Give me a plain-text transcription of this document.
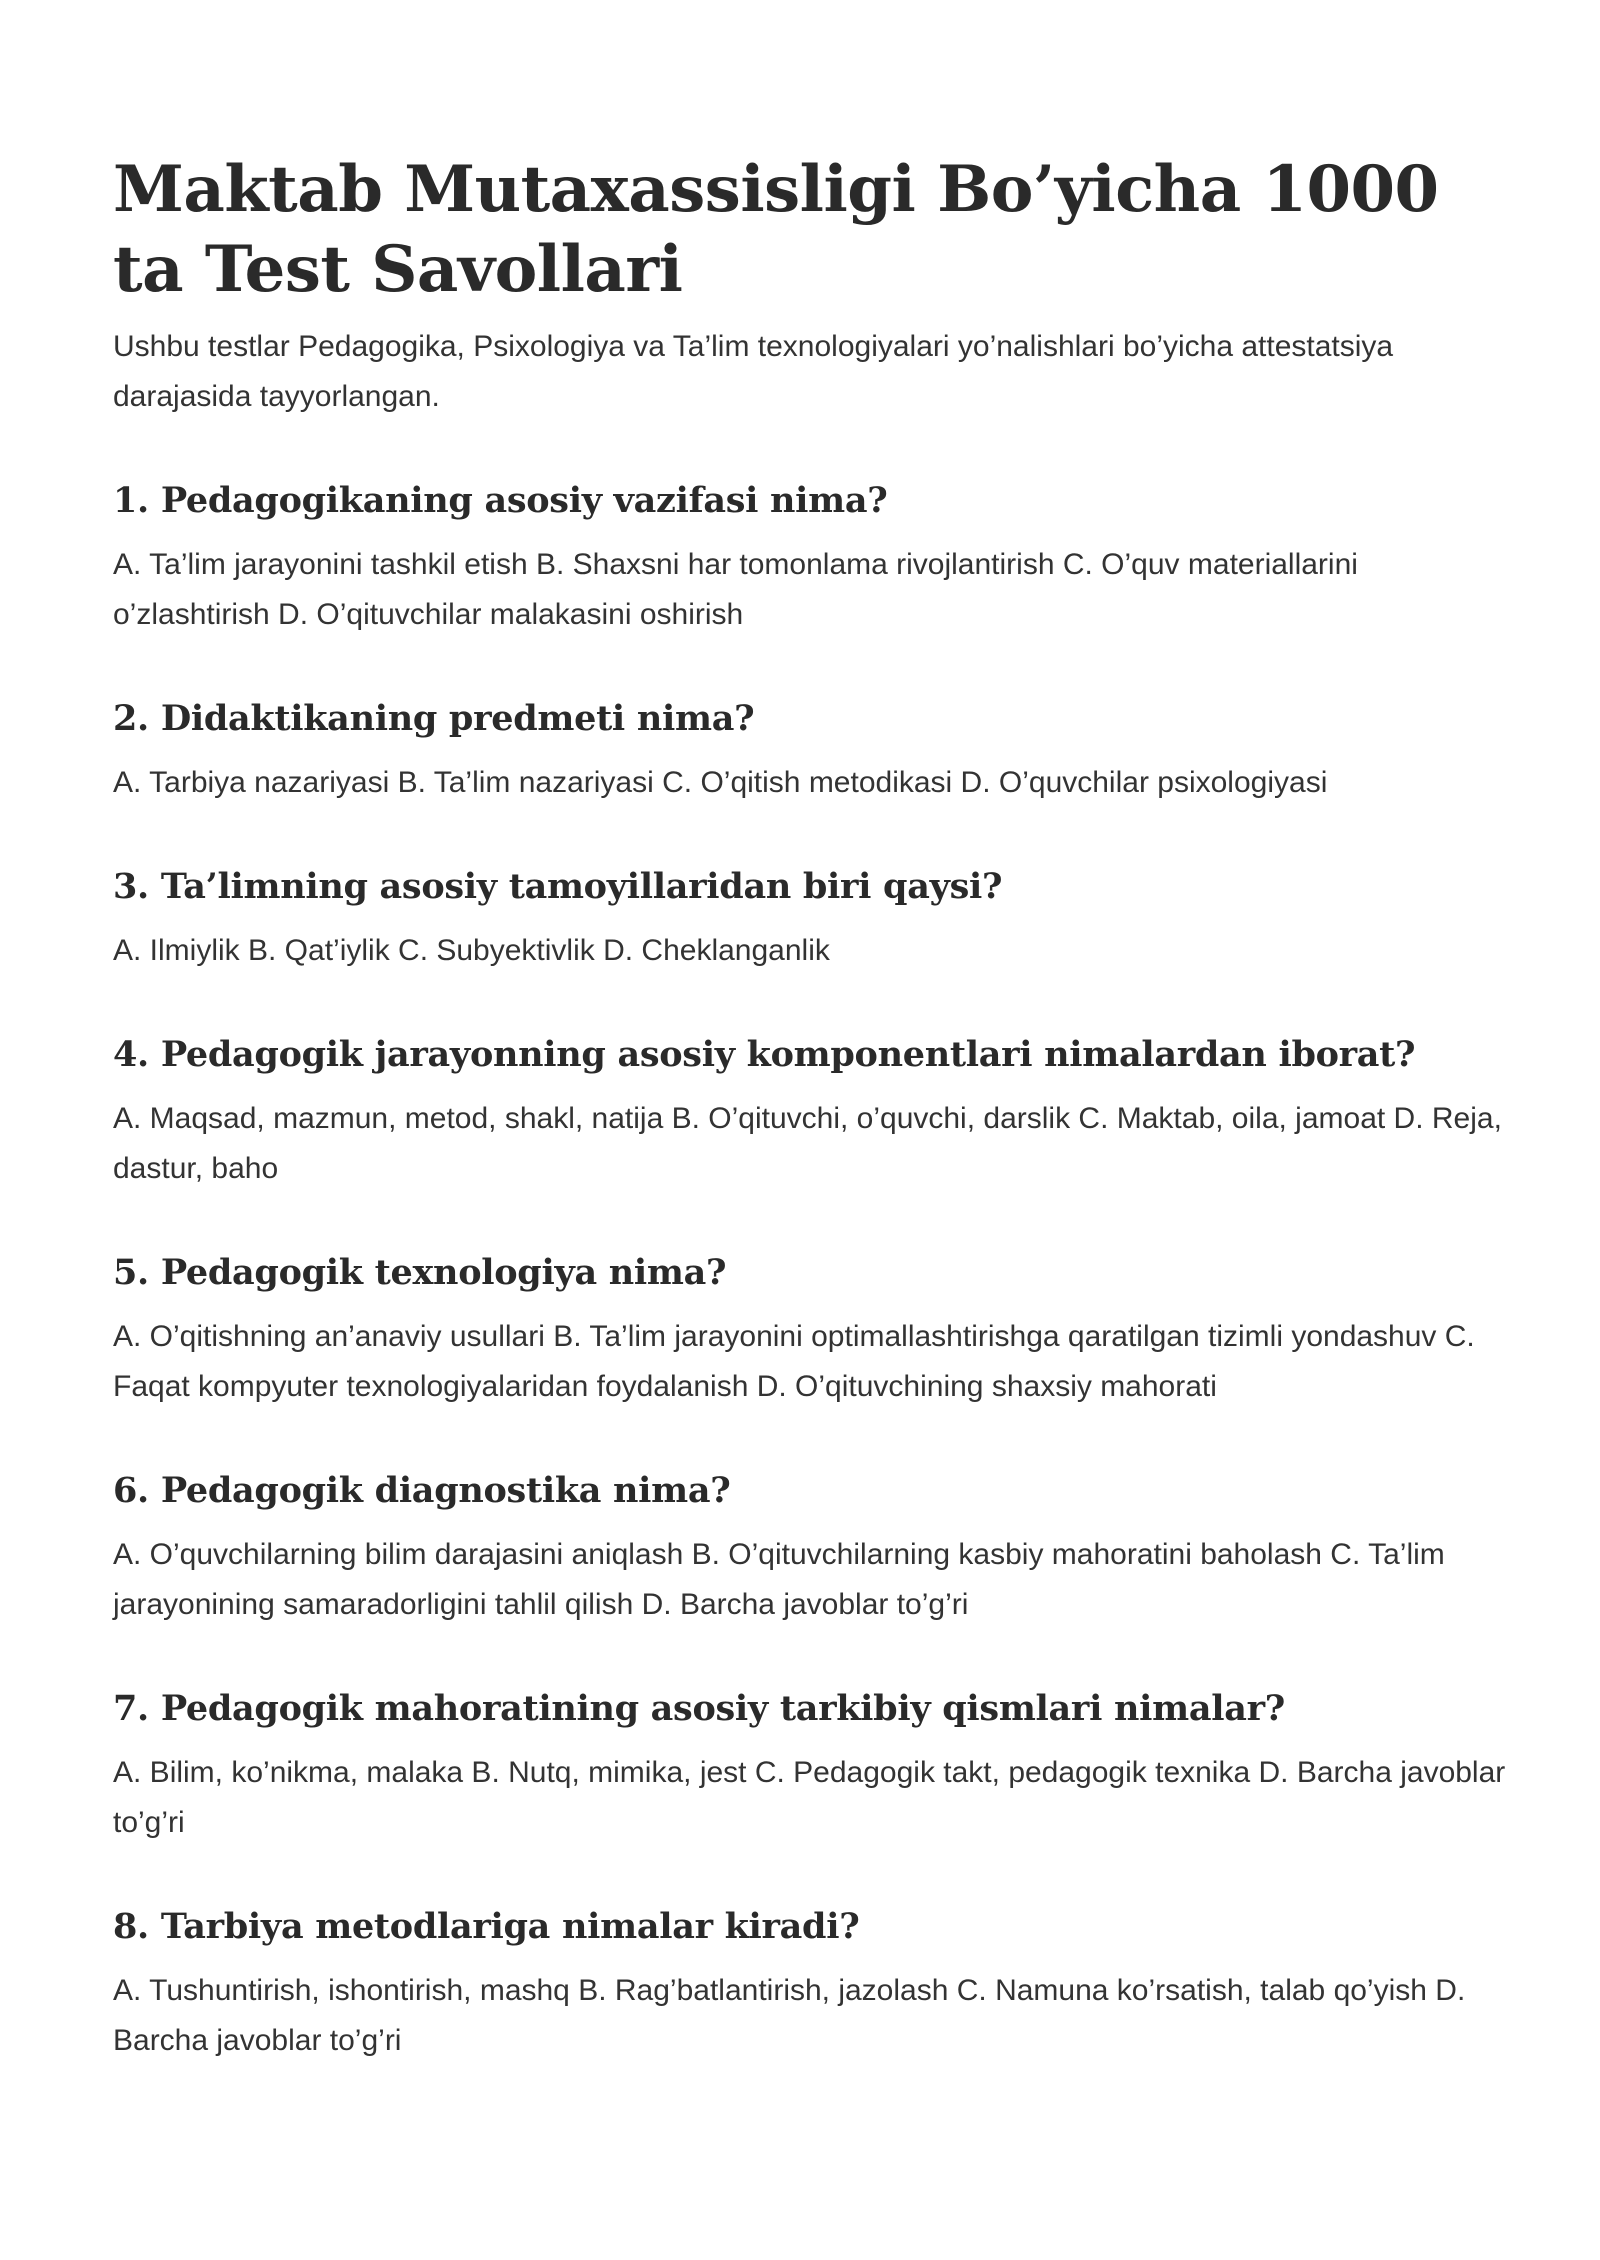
Maktab Mutaxassisligi Bo’yicha 1000 ta Test Savollari

Ushbu testlar Pedagogika, Psixologiya va Ta’lim texnologiyalari yo’nalishlari bo’yicha attestatsiya darajasida tayyorlangan.

1. Pedagogikaning asosiy vazifasi nima?

A. Ta’lim jarayonini tashkil etish B. Shaxsni har tomonlama rivojlantirish C. O’quv materiallarini o’zlashtirish D. O’qituvchilar malakasini oshirish

2. Didaktikaning predmeti nima?

A. Tarbiya nazariyasi B. Ta’lim nazariyasi C. O’qitish metodikasi D. O’quvchilar psixologiyasi

3. Ta’limning asosiy tamoyillaridan biri qaysi?

A. Ilmiylik B. Qat’iylik C. Subyektivlik D. Cheklanganlik

4. Pedagogik jarayonning asosiy komponentlari nimalardan iborat?

A. Maqsad, mazmun, metod, shakl, natija B. O’qituvchi, o’quvchi, darslik C. Maktab, oila, jamoat D. Reja, dastur, baho

5. Pedagogik texnologiya nima?

A. O’qitishning an’anaviy usullari B. Ta’lim jarayonini optimallashtirishga qaratilgan tizimli yondashuv C. Faqat kompyuter texnologiyalaridan foydalanish D. O’qituvchining shaxsiy mahorati

6. Pedagogik diagnostika nima?

A. O’quvchilarning bilim darajasini aniqlash B. O’qituvchilarning kasbiy mahoratini baholash C. Ta’lim jarayonining samaradorligini tahlil qilish D. Barcha javoblar to’g’ri

7. Pedagogik mahoratining asosiy tarkibiy qismlari nimalar?

A. Bilim, ko’nikma, malaka B. Nutq, mimika, jest C. Pedagogik takt, pedagogik texnika D. Barcha javoblar to’g’ri

8. Tarbiya metodlariga nimalar kiradi?

A. Tushuntirish, ishontirish, mashq B. Rag’batlantirish, jazolash C. Namuna ko’rsatish, talab qo’yish D. Barcha javoblar to’g’ri
